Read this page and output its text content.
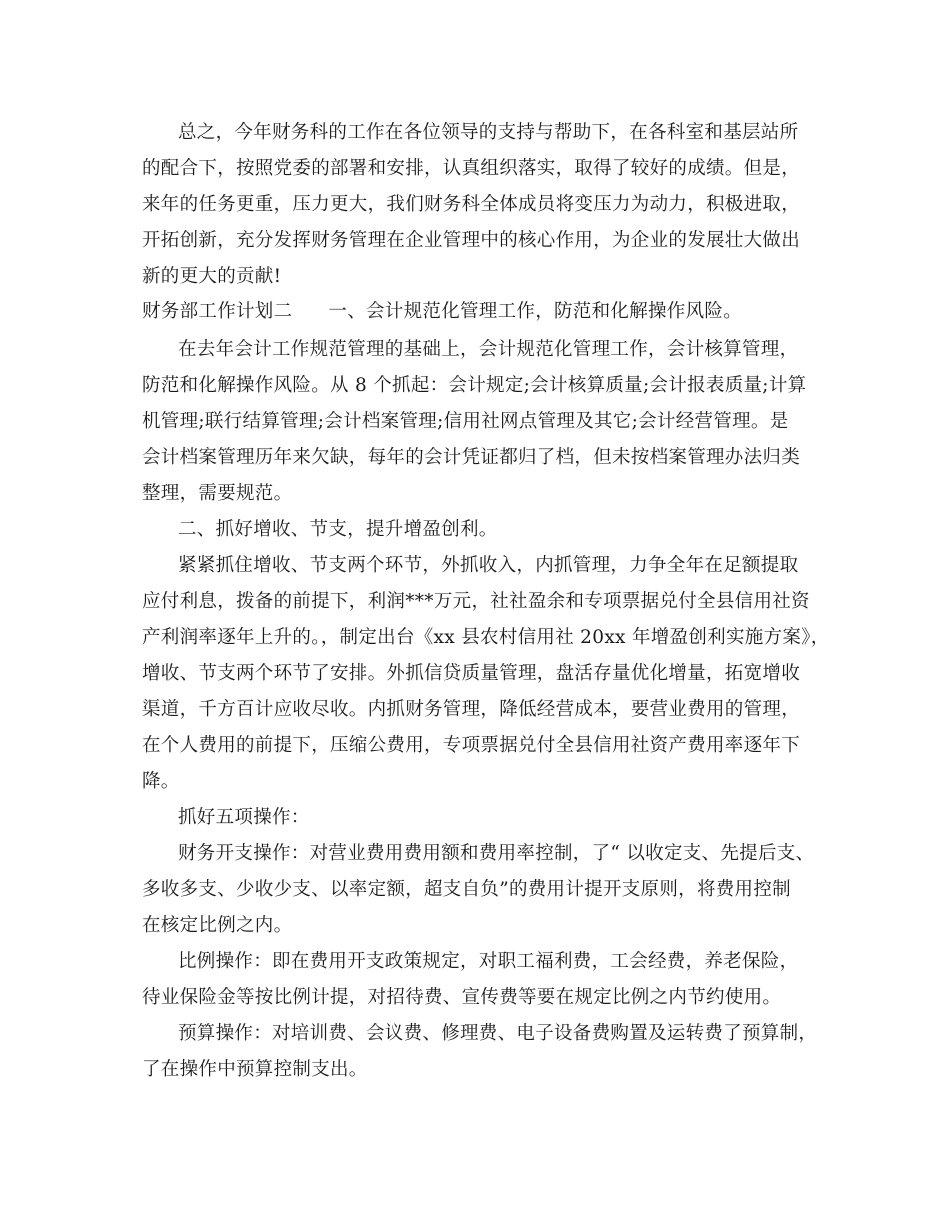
总之，今年财务科的工作在各位领导的支持与帮助下，在各科室和基层站所
的配合下，按照党委的部署和安排，认真组织落实，取得了较好的成绩。但是，
来年的任务更重，压力更大，我们财务科全体成员将变压力为动力，积极进取，
开拓创新，充分发挥财务管理在企业管理中的核心作用，为企业的发展壮大做出
新的更大的贡献!
财务部工作计划二 一、会计规范化管理工作，防范和化解操作风险。
在去年会计工作规范管理的基础上，会计规范化管理工作，会计核算管理，
防范和化解操作风险。从 8 个抓起：会计规定;会计核算质量;会计报表质量;计算
机管理;联行结算管理;会计档案管理;信用社网点管理及其它;会计经营管理。是
会计档案管理历年来欠缺，每年的会计凭证都归了档，但未按档案管理办法归类
整理，需要规范。
二、抓好增收、节支，提升增盈创利。
紧紧抓住增收、节支两个环节，外抓收入，内抓管理，力争全年在足额提取
应付利息，拨备的前提下，利润***万元，社社盈余和专项票据兑付全县信用社资
产利润率逐年上升的。，制定出台《xx 县农村信用社 20xx 年增盈创利实施方案》，
增收、节支两个环节了安排。外抓信贷质量管理，盘活存量优化增量，拓宽增收
渠道，千方百计应收尽收。内抓财务管理，降低经营成本，要营业费用的管理，
在个人费用的前提下，压缩公费用，专项票据兑付全县信用社资产费用率逐年下
降。
抓好五项操作：
财务开支操作：对营业费用费用额和费用率控制，了“ 以收定支、先提后支、
多收多支、少收少支、以率定额，超支自负”的费用计提开支原则，将费用控制
在核定比例之内。
比例操作：即在费用开支政策规定，对职工福利费，工会经费，养老保险，
待业保险金等按比例计提，对招待费、宣传费等要在规定比例之内节约使用。
预算操作：对培训费、会议费、修理费、电子设备费购置及运转费了预算制，
了在操作中预算控制支出。
